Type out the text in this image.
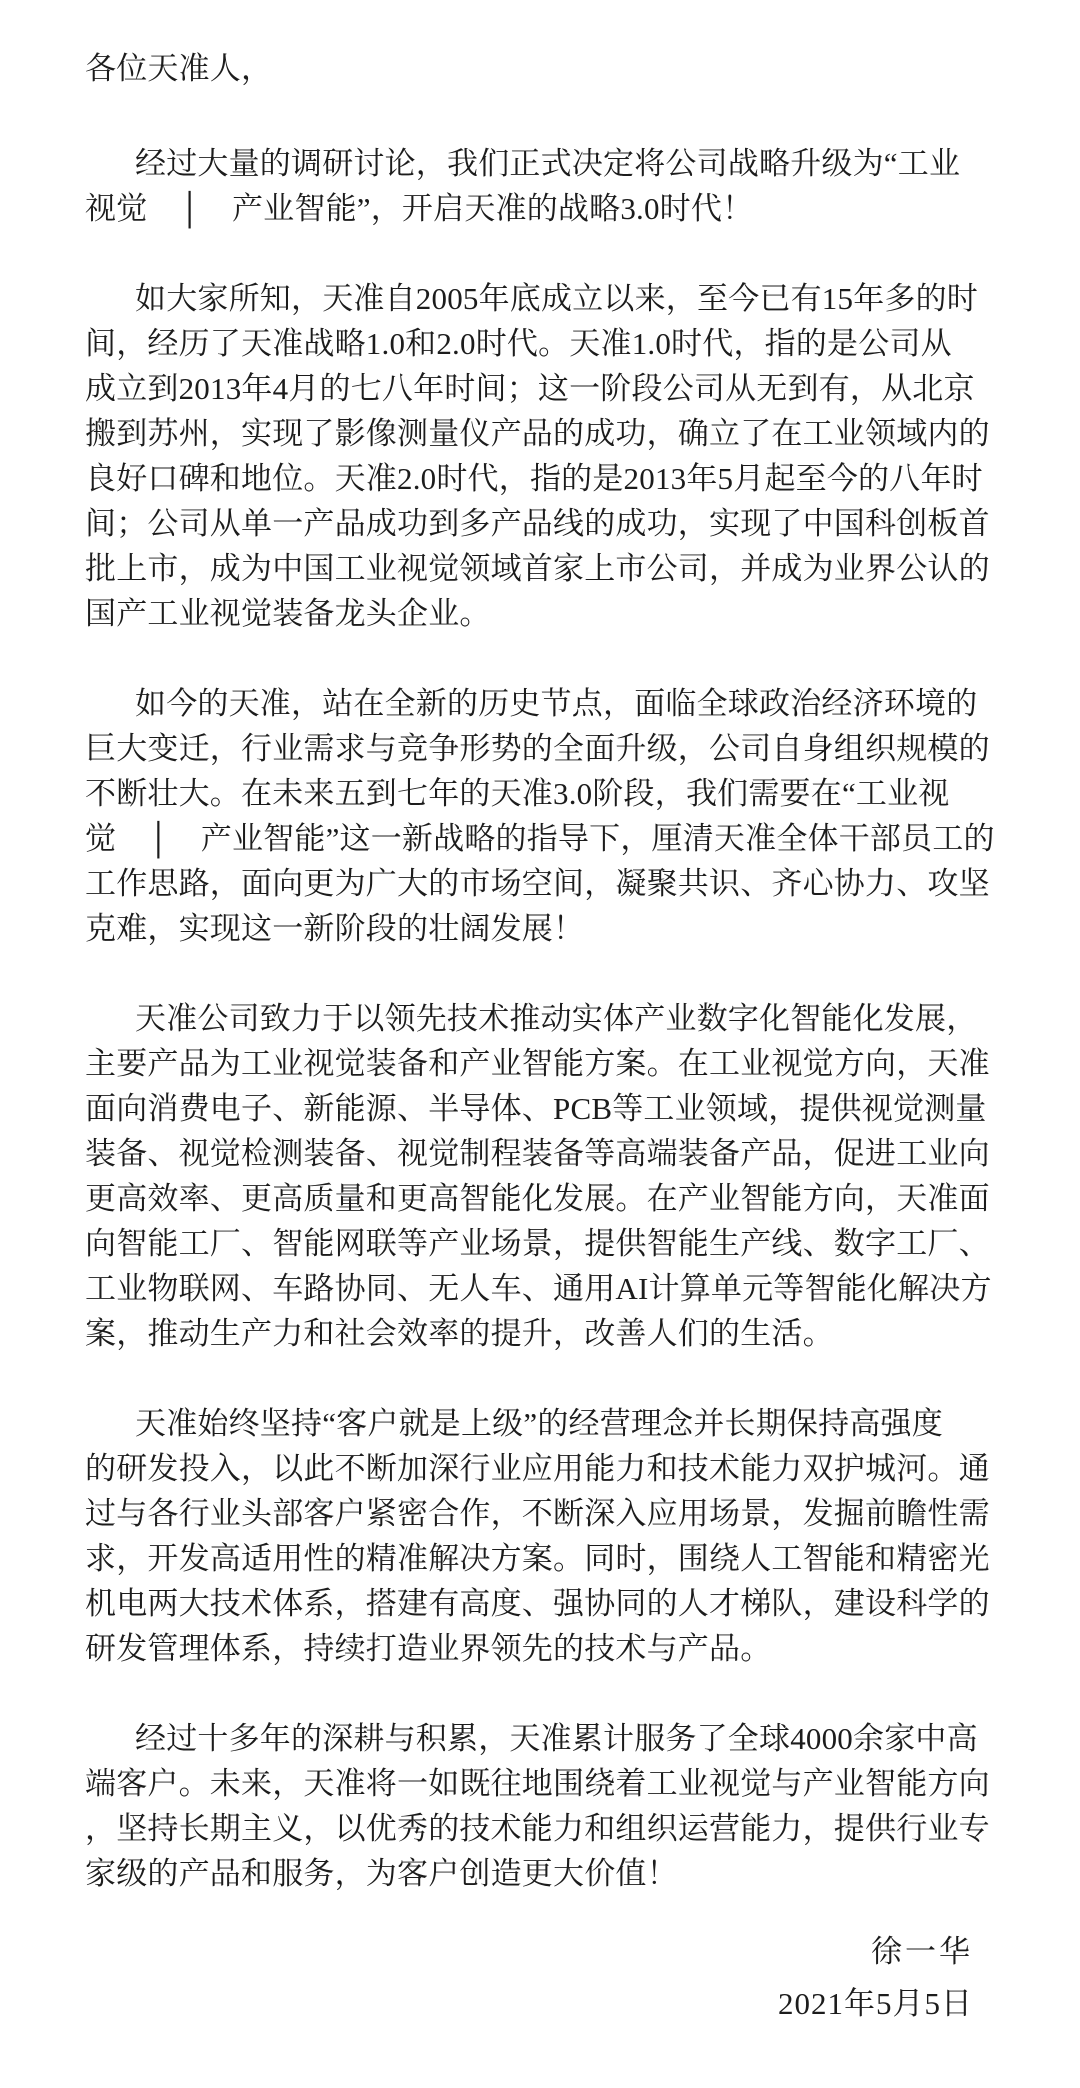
各位天准人，
经过大量的调研讨论，我们正式决定将公司战略升级为“工业
视觉　│　产业智能”，开启天准的战略3.0时代！
如大家所知，天准自2005年底成立以来，至今已有15年多的时
间，经历了天准战略1.0和2.0时代。天准1.0时代，指的是公司从
成立到2013年4月的七八年时间；这一阶段公司从无到有，从北京
搬到苏州，实现了影像测量仪产品的成功，确立了在工业领域内的
良好口碑和地位。天准2.0时代，指的是2013年5月起至今的八年时
间；公司从单一产品成功到多产品线的成功，实现了中国科创板首
批上市，成为中国工业视觉领域首家上市公司，并成为业界公认的
国产工业视觉装备龙头企业。
如今的天准，站在全新的历史节点，面临全球政治经济环境的
巨大变迁，行业需求与竞争形势的全面升级，公司自身组织规模的
不断壮大。在未来五到七年的天准3.0阶段，我们需要在“工业视
觉　│　产业智能”这一新战略的指导下，厘清天准全体干部员工的
工作思路，面向更为广大的市场空间，凝聚共识、齐心协力、攻坚
克难，实现这一新阶段的壮阔发展！
天准公司致力于以领先技术推动实体产业数字化智能化发展，
主要产品为工业视觉装备和产业智能方案。在工业视觉方向，天准
面向消费电子、新能源、半导体、PCB等工业领域，提供视觉测量
装备、视觉检测装备、视觉制程装备等高端装备产品，促进工业向
更高效率、更高质量和更高智能化发展。在产业智能方向，天准面
向智能工厂、智能网联等产业场景，提供智能生产线、数字工厂、
工业物联网、车路协同、无人车、通用AI计算单元等智能化解决方
案，推动生产力和社会效率的提升，改善人们的生活。
天准始终坚持“客户就是上级”的经营理念并长期保持高强度
的研发投入，以此不断加深行业应用能力和技术能力双护城河。通
过与各行业头部客户紧密合作，不断深入应用场景，发掘前瞻性需
求，开发高适用性的精准解决方案。同时，围绕人工智能和精密光
机电两大技术体系，搭建有高度、强协同的人才梯队，建设科学的
研发管理体系，持续打造业界领先的技术与产品。
经过十多年的深耕与积累，天准累计服务了全球4000余家中高
端客户。未来，天准将一如既往地围绕着工业视觉与产业智能方向
，坚持长期主义，以优秀的技术能力和组织运营能力，提供行业专
家级的产品和服务，为客户创造更大价值！
徐一华
2021年5月5日
